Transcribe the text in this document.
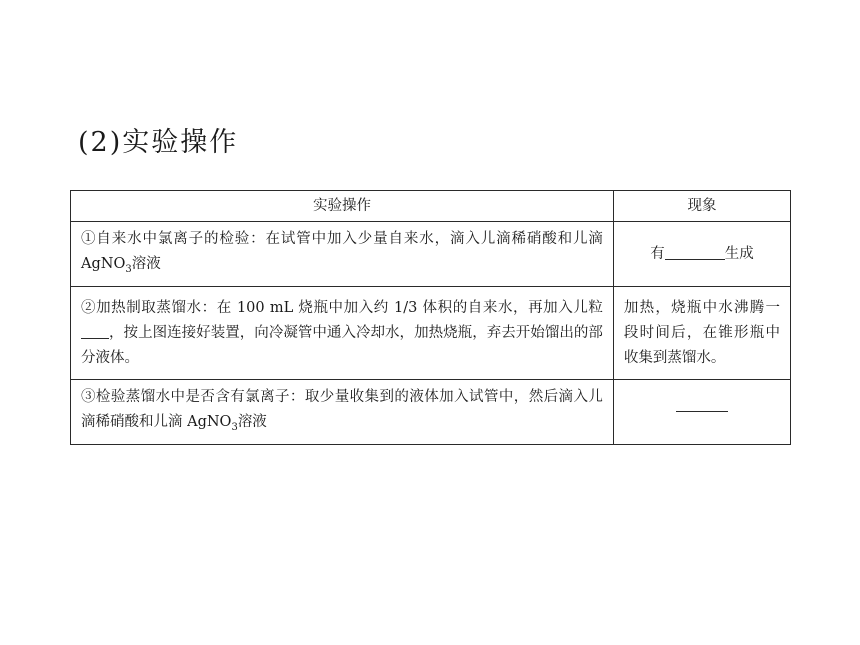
(2)实验操作
实验操作	现象
①自来水中氯离子的检验：在试管中加入少量自来水，滴入儿滴稀硝酸和儿滴 AgNO$_3$溶液	有 生成
②加热制取蒸馏水：在 100 mL 烧瓶中加入约 1/3 体积的自来水，再加入儿粒，按上图连接好装置，向冷凝管中通入冷却水，加热烧瓶，弃去开始馏出的部分液体。	加热，烧瓶中水沸腾一段时间后，在锥形瓶中收集到蒸馏水。
③检验蒸馏水中是否含有氯离子：取少量收集到的液体加入试管中，然后滴入儿滴稀硝酸和儿滴 AgNO$_3$溶液	
